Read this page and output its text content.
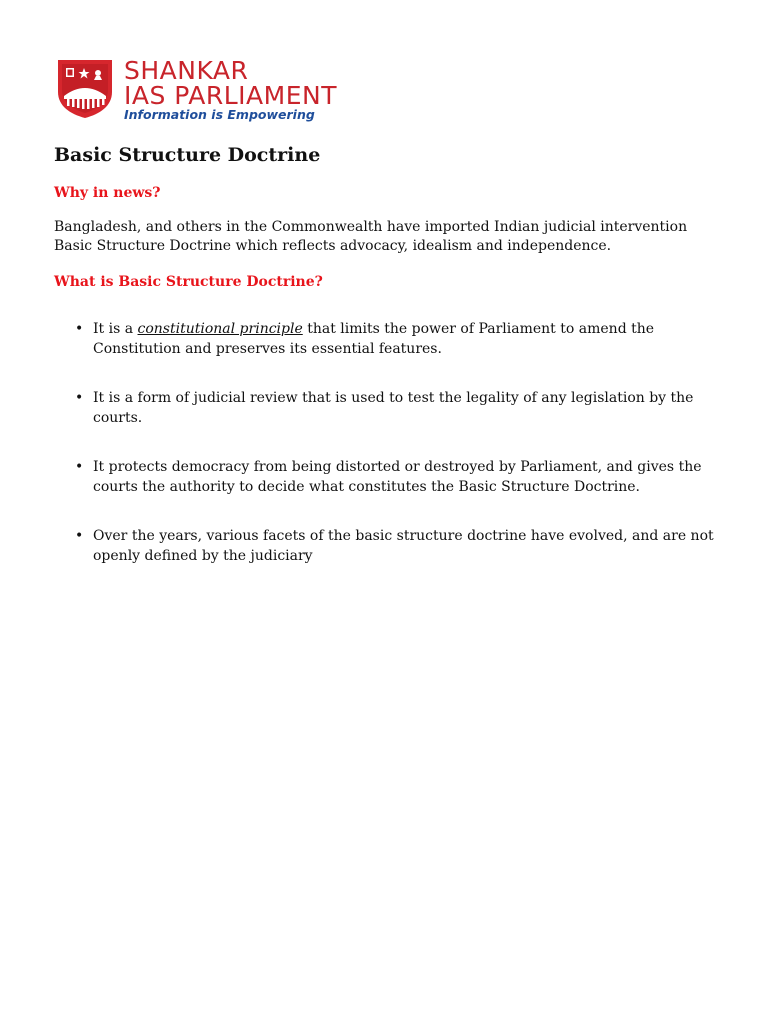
SHANKAR
IAS PARLIAMENT
Information is Empowering
Basic Structure Doctrine
Why in news?

Bangladesh, and others in the Commonwealth have imported Indian judicial intervention
Basic Structure Doctrine which reflects advocacy, idealism and independence.

What is Basic Structure Doctrine?
• It is a constitutional principle that limits the power of Parliament to amend the
Constitution and preserves its essential features.
• It is a form of judicial review that is used to test the legality of any legislation by the
courts.
• It protects democracy from being distorted or destroyed by Parliament, and gives the
courts the authority to decide what constitutes the Basic Structure Doctrine.
• Over the years, various facets of the basic structure doctrine have evolved, and are not
openly defined by the judiciary
